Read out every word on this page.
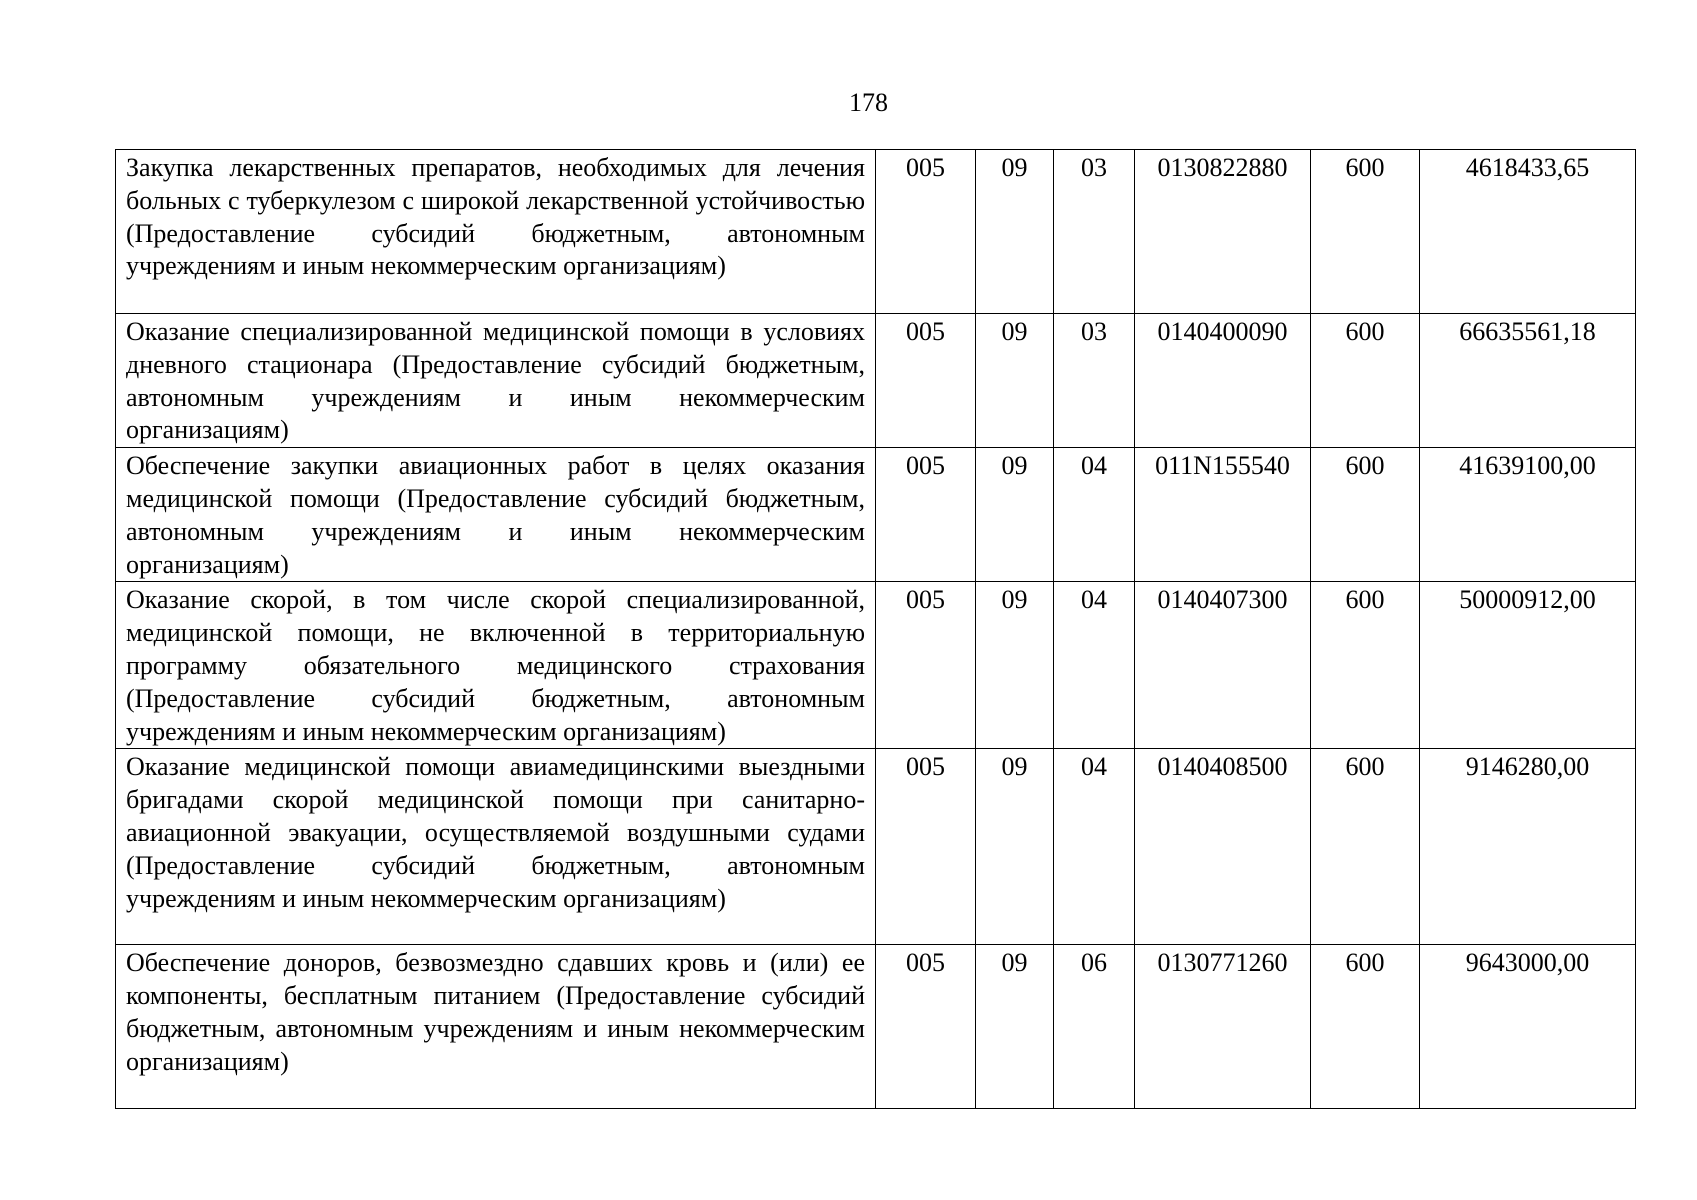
178
Закупка лекарственных препаратов, необходимых для лечения больных с туберкулезом с широкой лекарственной устойчивостью (Предоставление субсидий бюджетным, автономным учреждениям и иным некоммерческим организациям)	005	09	03	0130822880	600	4618433,65
Оказание специализированной медицинской помощи в условиях дневного стационара (Предоставление субсидий бюджетным, автономным учреждениям и иным некоммерческим организациям)	005	09	03	0140400090	600	66635561,18
Обеспечение закупки авиационных работ в целях оказания медицинской помощи (Предоставление субсидий бюджетным, автономным учреждениям и иным некоммерческим организациям)	005	09	04	011N155540	600	41639100,00
Оказание скорой, в том числе скорой специализированной, медицинской помощи, не включенной в территориальную программу обязательного медицинского страхования (Предоставление субсидий бюджетным, автономным учреждениям и иным некоммерческим организациям)	005	09	04	0140407300	600	50000912,00
Оказание медицинской помощи авиамедицинскими выездными бригадами скорой медицинской помощи при санитарно-авиационной эвакуации, осуществляемой воздушными судами (Предоставление субсидий бюджетным, автономным учреждениям и иным некоммерческим организациям)	005	09	04	0140408500	600	9146280,00
Обеспечение доноров, безвозмездно сдавших кровь и (или) ее компоненты, бесплатным питанием (Предоставление субсидий бюджетным, автономным учреждениям и иным некоммерческим организациям)	005	09	06	0130771260	600	9643000,00
